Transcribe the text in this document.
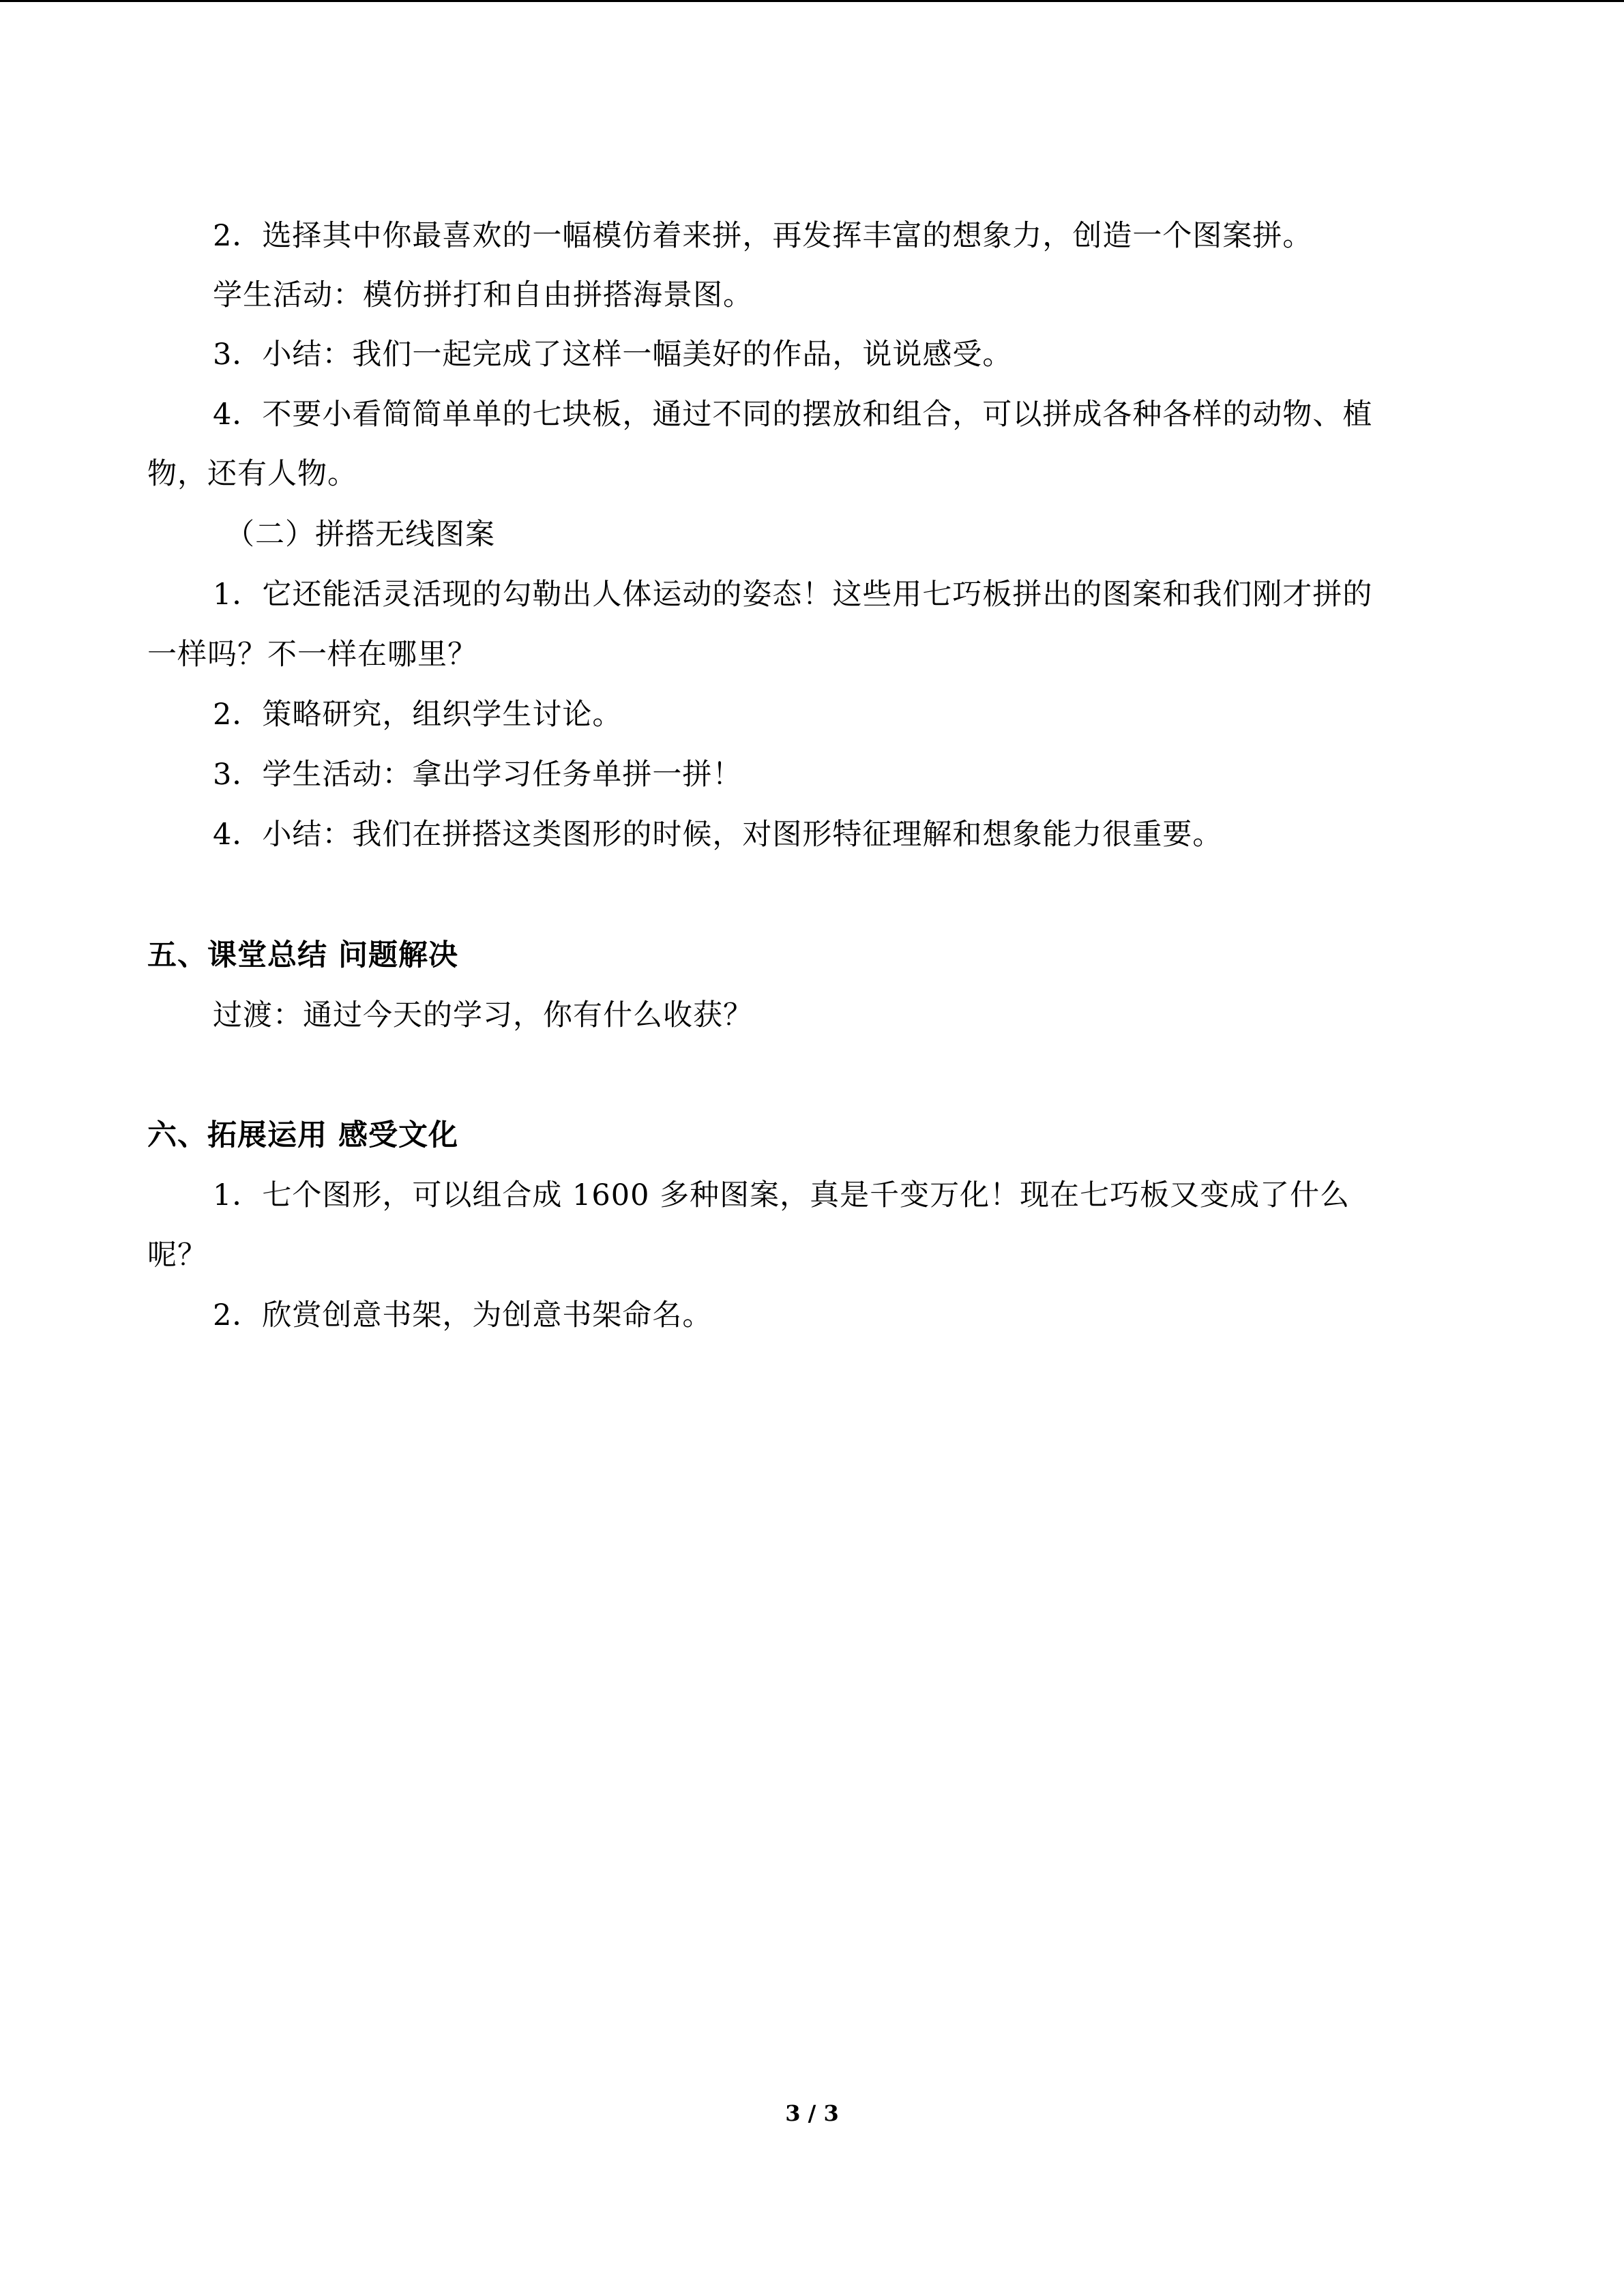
2．选择其中你最喜欢的一幅模仿着来拼，再发挥丰富的想象力，创造一个图案拼。
学生活动：模仿拼打和自由拼搭海景图。
3．小结：我们一起完成了这样一幅美好的作品，说说感受。
4．不要小看简简单单的七块板，通过不同的摆放和组合，可以拼成各种各样的动物、植
物，还有人物。
（二）拼搭无线图案
1．它还能活灵活现的勾勒出人体运动的姿态！这些用七巧板拼出的图案和我们刚才拼的
一样吗？不一样在哪里？
2．策略研究，组织学生讨论。
3．学生活动：拿出学习任务单拼一拼！
4．小结：我们在拼搭这类图形的时候，对图形特征理解和想象能力很重要。
五、课堂总结 问题解决
过渡：通过今天的学习，你有什么收获？
六、拓展运用 感受文化
1．七个图形，可以组合成 1600 多种图案，真是千变万化！现在七巧板又变成了什么
呢？
2．欣赏创意书架，为创意书架命名。
3 / 3
